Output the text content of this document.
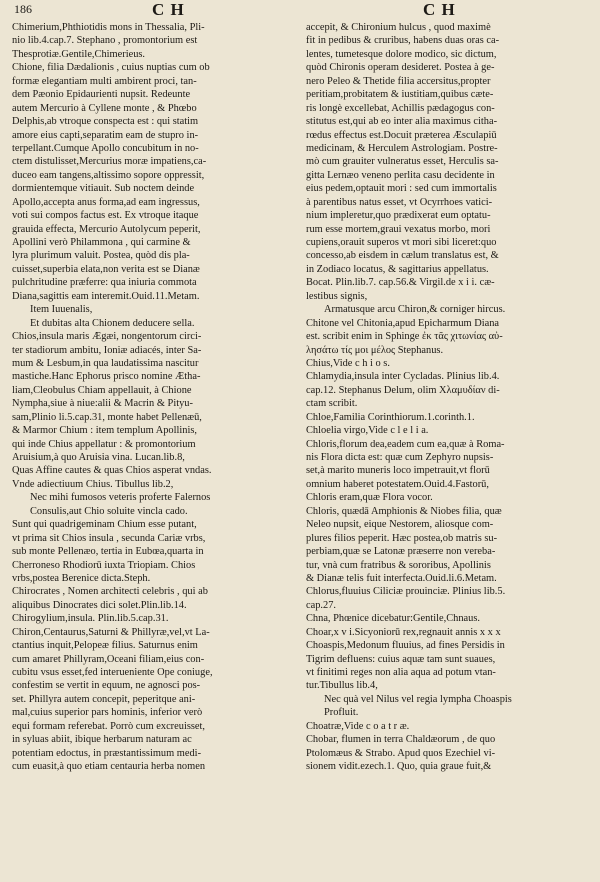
186	C H	C H
Chimerium,Phthiotidis mons in Thessalia, Pli-
nio lib.4.cap.7. Stephano , promontorium est
Thesprotiæ.Gentile,Chimerieus.
Chione, filia Dædalionis , cuius nuptias cum ob
formæ elegantiam multi ambirent proci, tan-
dem Pæonio Epidaurienti nupsit. Redeunte
autem Mercurio à Cyllene monte , & Phœbo
Delphis,ab vtroque conspecta est : qui statim
amore eius capti,separatim eam de stupro in-
terpellant.Cumque Apollo concubitum in no-
ctem distulisset,Mercurius moræ impatiens,ca-
duceo eam tangens,altissimo sopore oppressit,
dormientemque vitiauit. Sub noctem deinde
Apollo,accepta anus forma,ad eam ingressus,
voti sui compos factus est. Ex vtroque itaque
grauida effecta, Mercurio Autolycum peperit,
Apollini verò Philammona , qui carmine &
lyra plurimum valuit. Postea, quòd dis pla-
cuisset,superbia elata,non verita est se Dianæ
pulchritudine præferre: qua iniuria commota
Diana,sagittis eam interemit.Ouid.11.Metam.
Item Iuuenalis,
Et dubitas alta Chionem deducere sella.
Chios,insula maris Ægæi, nongentorum circi-
ter stadiorum ambitu, Ioniæ adiacés, inter Sa-
mum & Lesbum,in qua laudatissima nascitur
mastiche.Hanc Ephorus prisco nomine Ætha-
liam,Cleobulus Chiam appellauit, à Chione
Nympha,siue à niue:alii & Macrin & Pityu-
sam,Plinio li.5.cap.31, monte habet Pellenæū,
& Marmor Chium : item templum Apollinis,
qui inde Chius appellatur : & promontorium
Aruisium,à quo Aruisia vina. Lucan.lib.8,
Quas Affine cautes & quas Chios asperat vndas.
Vnde adiectiuum Chius. Tibullus lib.2,
Nec mihi fumosos veteris proferte Falernos
Consulis,aut Chio soluite vincla cado.
Sunt qui quadrigeminam Chium esse putant,
vt prima sit Chios insula , secunda Cariæ vrbs,
sub monte Pellenæo, tertia in Eubœa,quarta in
Cherroneso Rhodiorū iuxta Triopiam. Chios
vrbs,postea Berenice dicta.Steph.
Chirocrates , Nomen architecti celebris , qui ab
aliquibus Dinocrates dici solet.Plin.lib.14.
Chirogylium,insula. Plin.lib.5.cap.31.
Chiron,Centaurus,Saturni & Phillyræ,vel,vt La-
ctantius inquit,Pelopeæ filius. Saturnus enim
cum amaret Phillyram,Oceani filiam,eius con-
cubitu vsus esset,fed interueniente Ope coniuge,
confestim se vertit in equum, ne agnosci pos-
set. Phillyra autem concepit, peperitque ani-
mal,cuius superior pars hominis, inferior verò
equi formam referebat. Porrò cum excreuisset,
in syluas abiit, ibique herbarum naturam ac
potentiam edoctus, in præstantissimum medi-
cum euasit,à quo etiam centauria herba nomen
accepit, & Chironium hulcus , quod maximè
fit in pedibus & cruribus, habens duas oras ca-
lentes, tumetesque dolore modico, sic dictum,
quòd Chironis operam desideret. Postea à ge-
nero Peleo & Thetide filia accersitus,propter
peritiam,probitatem & iustitiam,quibus cæte-
ris longè excellebat, Achillis pædagogus con-
stitutus est,qui ab eo inter alia maximus citha-
rœdus effectus est.Docuit præterea Æsculapiū
medicinam, & Herculem Astrologiam. Postre-
mò cum grauiter vulneratus esset, Herculis sa-
gitta Lernæo veneno perlita casu decidente in
eius pedem,optauit mori : sed cum immortalis
à parentibus natus esset, vt Ocyrrhoes vatici-
nium impleretur,quo prædixerat eum optatu-
rum esse mortem,graui vexatus morbo, mori
cupiens,orauit superos vt mori sibi liceret:quo
concesso,ab eisdem in cælum translatus est, &
in Zodiaco locatus, & sagittarius appellatus.
Bocat. Plin.lib.7. cap.56.& Virgil.de x i i. cæ-
lestibus signis,
Armatusque arcu Chiron,& corniger hircus.
Chitone vel Chitonia,apud Epicharmum Diana
est. scribit enim in Sphinge ἐκ τᾶς χιτωνίας αὐ-
λησάτω τίς μοι μέλος Stephanus.
Chius,Vide c h i o s.
Chlamydia,insula inter Cycladas. Plinius lib.4.
cap.12. Stephanus Delum, olim Χλαμυδίαν di-
ctam scribit.
Chloe,Familia Corinthiorum.1.corinth.1.
Chloelia virgo,Vide c l e l i a.
Chloris,florum dea,eadem cum ea,quæ à Roma-
nis Flora dicta est: quæ cum Zephyro nupsis-
set,à marito muneris loco impetrauit,vt florū
omnium haberet potestatem.Ouid.4.Fastorū,
Chloris eram,quæ Flora vocor.
Chloris, quædā Amphionis & Niobes filia, quæ
Neleo nupsit, eique Nestorem, aliosque com-
plures filios peperit. Hæc postea,ob matris su-
perbiam,quæ se Latonæ præserre non vereba-
tur, vnà cum fratribus & sororibus, Apollinis
& Dianæ telis fuit interfecta.Ouid.li.6.Metam.
Chlorus,fluuius Ciliciæ prouinciæ. Plinius lib.5.
cap.27.
Chna, Phœnice dicebatur:Gentile,Chnaus.
Choar,x v i.Sicyoniorū rex,regnauit annis x x x
Choaspis,Medonum fluuius, ad fines Persidis in
Tigrim defluens: cuius aquæ tam sunt suaues,
vt finitimi reges non alia aqua ad potum vtan-
tur.Tibullus lib.4,
Nec quà vel Nilus vel regia lympha Choaspis
Profluit.
Choatræ,Vide c o a t r æ.
Chobar, flumen in terra Chaldæorum , de quo
Ptolomæus & Strabo. Apud quos Ezechiel vi-
sionem vidit.ezech.1. Quo, quia graue fuit,&
